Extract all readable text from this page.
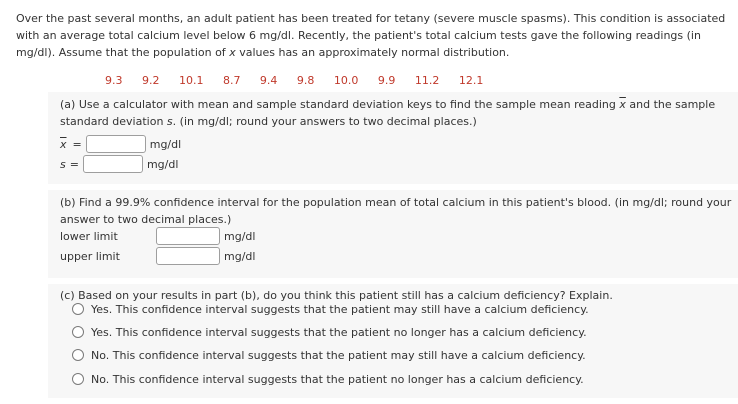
Over the past several months, an adult patient has been treated for tetany (severe muscle spasms). This condition is associated with an average total calcium level below 6 mg/dl. Recently, the patient's total calcium tests gave the following readings (in mg/dl). Assume that the population of x values has an approximately normal distribution.
9.3   9.2   10.1   8.7   9.4   9.8   10.0   9.9   11.2   12.1
(a) Use a calculator with mean and sample standard deviation keys to find the sample mean reading $\overline{x}$ and the sample standard deviation s. (in mg/dl; round your answers to two decimal places.)
$\overline{x}$ =	mg/dl
s =	mg/dl
(b) Find a 99.9% confidence interval for the population mean of total calcium in this patient's blood. (in mg/dl; round your answer to two decimal places.)
lower limit	mg/dl
upper limit	mg/dl
(c) Based on your results in part (b), do you think this patient still has a calcium deficiency? Explain.
Yes. This confidence interval suggests that the patient may still have a calcium deficiency.
Yes. This confidence interval suggests that the patient no longer has a calcium deficiency.
No. This confidence interval suggests that the patient may still have a calcium deficiency.
No. This confidence interval suggests that the patient no longer has a calcium deficiency.
